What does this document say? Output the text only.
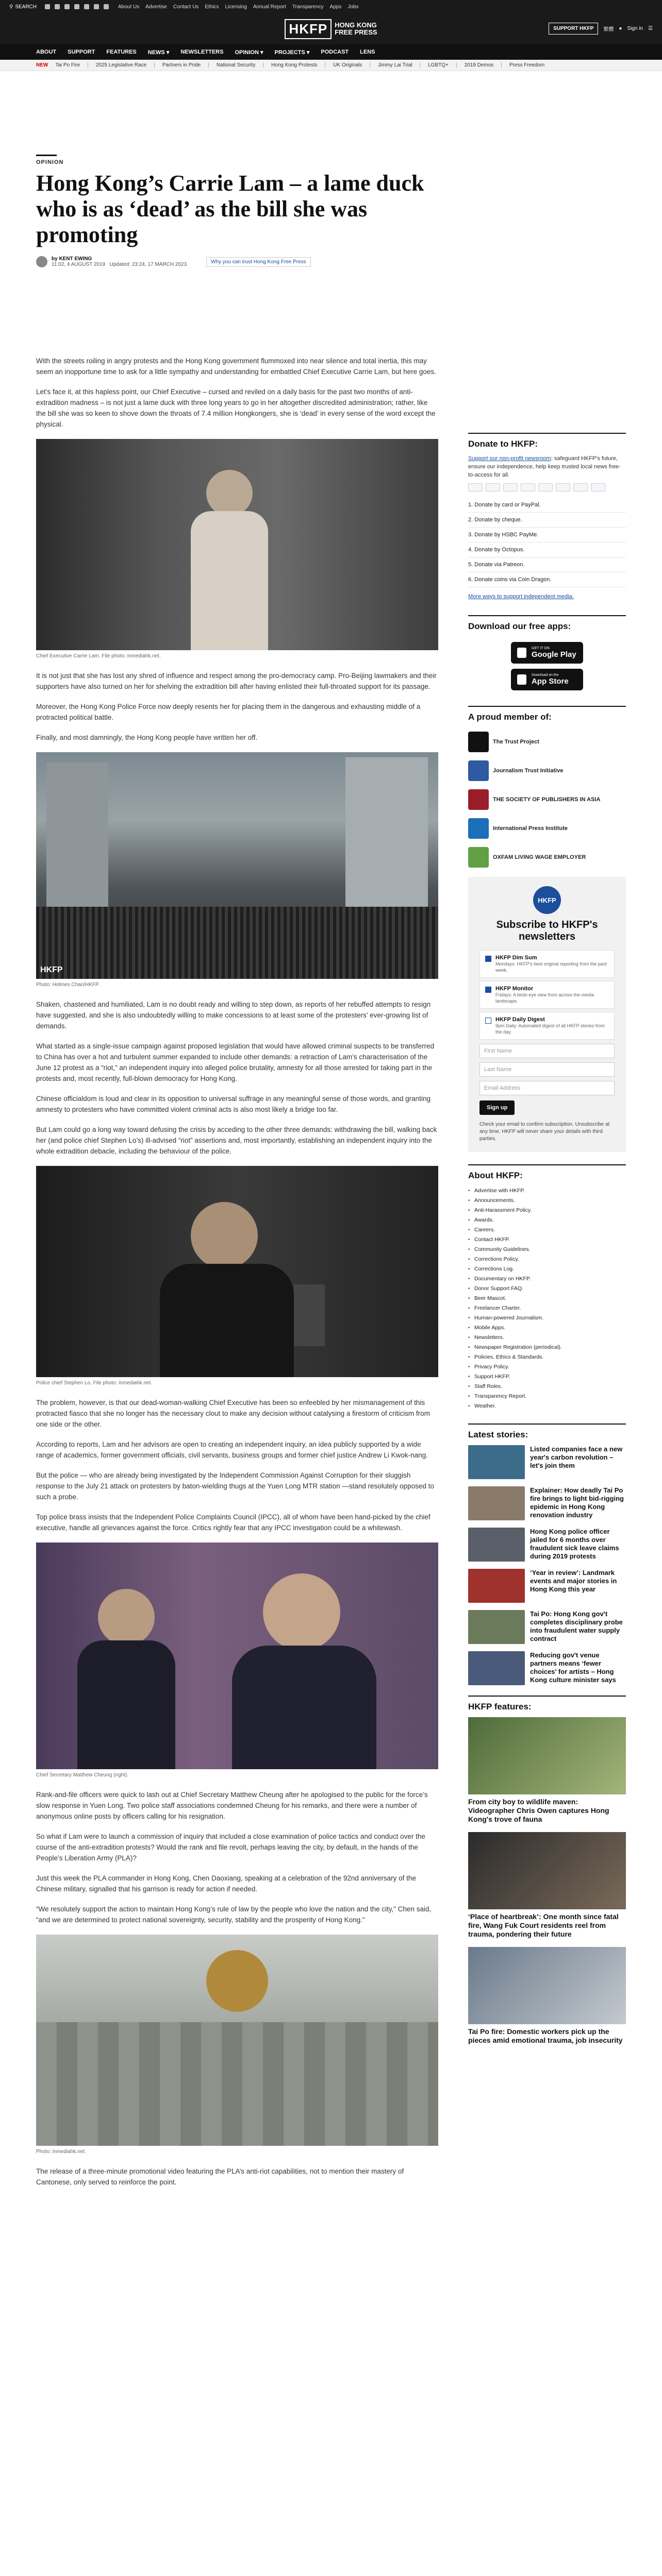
⚲ SEARCH	About Us Advertise Contact Us Ethics Licensing Annual Report Transparency Apps Jobs
HKFP	HONG KONG
FREE PRESS	SUPPORT HKFP	繁體 ● Sign in ☰
ABOUT SUPPORT FEATURES NEWS ▾ NEWSLETTERS OPINION ▾ PROJECTS ▾ PODCAST LENS
NEW Tai Po Fire | 2025 Legislative Race | Partners in Pride | National Security | Hong Kong Protests | UK Originals | Jimmy Lai Trial | LGBTQ+ | 2019 Demos | Press Freedom
OPINION
Hong Kong’s Carrie Lam – a lame duck who is as ‘dead’ as the bill she was promoting
by KENT EWING
11:02, 4 AUGUST 2019 Updated: 23:24, 17 MARCH 2023	Why you can trust Hong Kong Free Press

With the streets roiling in angry protests and the Hong Kong government flummoxed into near silence and total inertia, this may seem an inopportune time to ask for a little sympathy and understanding for embattled Chief Executive Carrie Lam, but here goes.

Let’s face it, at this hapless point, our Chief Executive – cursed and reviled on a daily basis for the past two months of anti-extradition madness – is not just a lame duck with three long years to go in her altogether discredited administration; rather, like the bill she was so keen to shove down the throats of 7.4 million Hongkongers, she is ‘dead’ in every sense of the word except the physical.

Chief Executive Carrie Lam. File photo: inmediahk.net.

It is not just that she has lost any shred of influence and respect among the pro-democracy camp. Pro-Beijing lawmakers and their supporters have also turned on her for shelving the extradition bill after having enlisted their full-throated support for its passage.

Moreover, the Hong Kong Police Force now deeply resents her for placing them in the dangerous and exhausting middle of a protracted political battle.

Finally, and most damningly, the Hong Kong people have written her off.

HKFP
Photo: Holmes Chan/HKFP.

Shaken, chastened and humiliated, Lam is no doubt ready and willing to step down, as reports of her rebuffed attempts to resign have suggested, and she is also undoubtedly willing to make concessions to at least some of the protesters’ ever-growing list of demands.

What started as a single-issue campaign against proposed legislation that would have allowed criminal suspects to be transferred to China has over a hot and turbulent summer expanded to include other demands: a retraction of Lam’s characterisation of the June 12 protest as a “riot,” an independent inquiry into alleged police brutality, amnesty for all those arrested for taking part in the protests and, most recently, full-blown democracy for Hong Kong.

Chinese officialdom is loud and clear in its opposition to universal suffrage in any meaningful sense of those words, and granting amnesty to protesters who have committed violent criminal acts is also most likely a bridge too far.

But Lam could go a long way toward defusing the crisis by acceding to the other three demands: withdrawing the bill, walking back her (and police chief Stephen Lo’s) ill-advised “riot” assertions and, most importantly, establishing an independent inquiry into the whole extradition debacle, including the behaviour of the police.

Police chief Stephen Lo. File photo: inmediahk.net.

The problem, however, is that our dead-woman-walking Chief Executive has been so enfeebled by her mismanagement of this protracted fiasco that she no longer has the necessary clout to make any decision without catalysing a firestorm of criticism from one side or the other.

According to reports, Lam and her advisors are open to creating an independent inquiry, an idea publicly supported by a wide range of academics, former government officials, civil servants, business groups and former chief justice Andrew Li Kwok-nang.

But the police — who are already being investigated by the Independent Commission Against Corruption for their sluggish response to the July 21 attack on protesters by baton-wielding thugs at the Yuen Long MTR station —stand resolutely opposed to such a probe.

Top police brass insists that the Independent Police Complaints Council (IPCC), all of whom have been hand-picked by the chief executive, handle all grievances against the force. Critics rightly fear that any IPCC investigation could be a whitewash.

Chief Secretary Matthew Cheung (right).

Rank-and-file officers were quick to lash out at Chief Secretary Matthew Cheung after he apologised to the public for the force’s slow response in Yuen Long. Two police staff associations condemned Cheung for his remarks, and there were a number of anonymous online posts by officers calling for his resignation.

So what if Lam were to launch a commission of inquiry that included a close examination of police tactics and conduct over the course of the anti-extradition protests? Would the rank and file revolt, perhaps leaving the city, by default, in the hands of the People’s Liberation Army (PLA)?

Just this week the PLA commander in Hong Kong, Chen Daoxiang, speaking at a celebration of the 92nd anniversary of the Chinese military, signalled that his garrison is ready for action if needed.

“We resolutely support the action to maintain Hong Kong’s rule of law by the people who love the nation and the city,” Chen said, “and we are determined to protect national sovereignty, security, stability and the prosperity of Hong Kong.”

Photo: inmediahk.net.

The release of a three-minute promotional video featuring the PLA’s anti-riot capabilities, not to mention their mastery of Cantonese, only served to reinforce the point.

Donate to HKFP:
Support our non-profit newsroom: safeguard HKFP's future, ensure our independence, help keep trusted local news free-to-access for all.
1. Donate by card or PayPal.
2. Donate by cheque.
3. Donate by HSBC PayMe.
4. Donate by Octopus.
5. Donate via Patreon.
6. Donate coins via Coin Dragon.
More ways to support independent media.
Download our free apps:
GET IT ON
Google Play
Download on the
App Store
A proud member of:
The Trust Project
Journalism Trust Initiative
THE SOCIETY OF PUBLISHERS IN ASIA
International Press Institute
OXFAM LIVING WAGE EMPLOYER
HKFP
Subscribe to HKFP's newsletters
HKFP Dim Sum
Mondays: HKFP's best original reporting from the past week.
HKFP Monitor
Fridays: A birds-eye view from across the media landscape.
HKFP Daily Digest
9pm Daily: Automated digest of all HKFP stories from the day.
First Name
Last Name
Email Address
Sign up
Check your email to confirm subscription. Unsubscribe at any time. HKFP will never share your details with third parties.
About HKFP:
• Advertise with HKFP.
• Announcements.
• Anti-Harassment Policy.
• Awards.
• Careers.
• Contact HKFP.
• Community Guidelines.
• Corrections Policy.
• Corrections Log.
• Documentary on HKFP.
• Donor Support FAQ.
• Beer Mascot.
• Freelancer Charter.
• Human-powered Journalism.
• Mobile Apps.
• Newsletters.
• Newspaper Registration (periodical).
• Policies, Ethics & Standards.
• Privacy Policy.
• Support HKFP.
• Staff Roles.
• Transparency Report.
• Weather.
Latest stories:
Listed companies face a new year's carbon revolution – let's join them
Explainer: How deadly Tai Po fire brings to light bid-rigging epidemic in Hong Kong renovation industry
Hong Kong police officer jailed for 6 months over fraudulent sick leave claims during 2019 protests
‘Year in review’: Landmark events and major stories in Hong Kong this year
Tai Po: Hong Kong gov't completes disciplinary probe into fraudulent water supply contract
Reducing gov't venue partners means ‘fewer choices’ for artists – Hong Kong culture minister says
HKFP features:
From city boy to wildlife maven: Videographer Chris Owen captures Hong Kong's trove of fauna
‘Place of heartbreak’: One month since fatal fire, Wang Fuk Court residents reel from trauma, pondering their future
Tai Po fire: Domestic workers pick up the pieces amid emotional trauma, job insecurity
